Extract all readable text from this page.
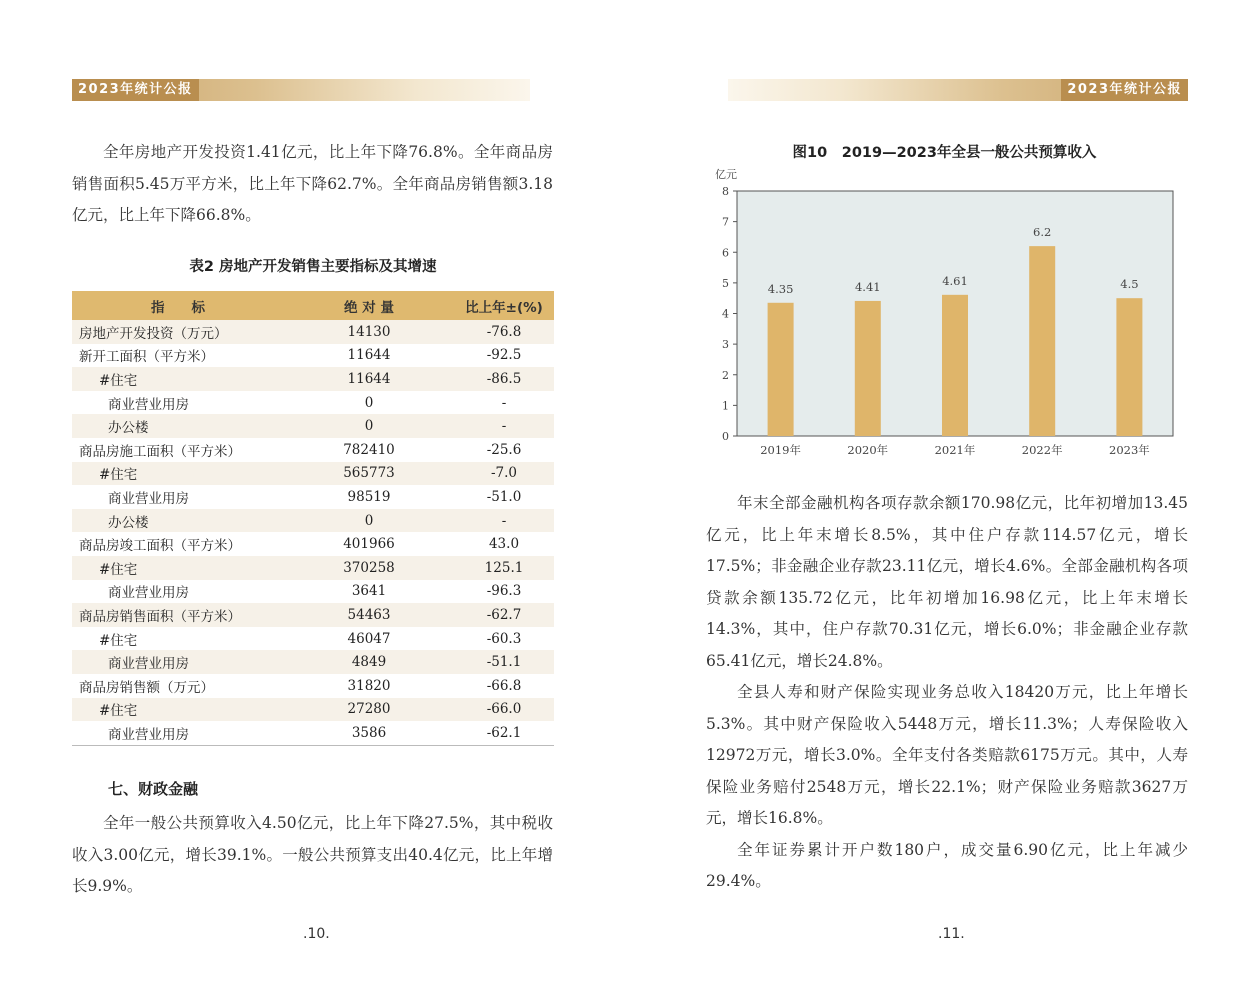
2023年统计公报

全年房地产开发投资1.41亿元，比上年下降76.8%。全年商品房销售面积5.45万平方米，比上年下降62.7%。全年商品房销售额3.18亿元，比上年下降66.8%。

表2 房地产开发销售主要指标及其增速
指　　标	绝 对 量	比上年±(%)
房地产开发投资（万元）	14130	-76.8
新开工面积（平方米）	11644	-92.5
#住宅	11644	-86.5
商业营业用房	0	-
办公楼	0	-
商品房施工面积（平方米）	782410	-25.6
#住宅	565773	-7.0
商业营业用房	98519	-51.0
办公楼	0	-
商品房竣工面积（平方米）	401966	43.0
#住宅	370258	125.1
商业营业用房	3641	-96.3
商品房销售面积（平方米）	54463	-62.7
#住宅	46047	-60.3
商业营业用房	4849	-51.1
商品房销售额（万元）	31820	-66.8
#住宅	27280	-66.0
商业营业用房	3586	-62.1
七、财政金融

全年一般公共预算收入4.50亿元，比上年下降27.5%，其中税收收入3.00亿元，增长39.1%。一般公共预算支出40.4亿元，比上年增长9.9%。

.10.
2023年统计公报
图10　2019—2023年全县一般公共预算收入
亿元
0
1
2
3
4
5
6
7
8
4.35
2019年
4.41
2020年
4.61
2021年
6.2
2022年
4.5
2023年

年末全部金融机构各项存款余额170.98亿元，比年初增加13.45亿元，比上年末增长8.5%，其中住户存款114.57亿元，增长17.5%；非金融企业存款23.11亿元，增长4.6%。全部金融机构各项贷款余额135.72亿元，比年初增加16.98亿元，比上年末增长14.3%，其中，住户存款70.31亿元，增长6.0%；非金融企业存款65.41亿元，增长24.8%。

全县人寿和财产保险实现业务总收入18420万元，比上年增长5.3%。其中财产保险收入5448万元，增长11.3%；人寿保险收入12972万元，增长3.0%。全年支付各类赔款6175万元。其中，人寿保险业务赔付2548万元，增长22.1%；财产保险业务赔款3627万元，增长16.8%。

全年证券累计开户数180户，成交量6.90亿元，比上年减少29.4%。

.11.
